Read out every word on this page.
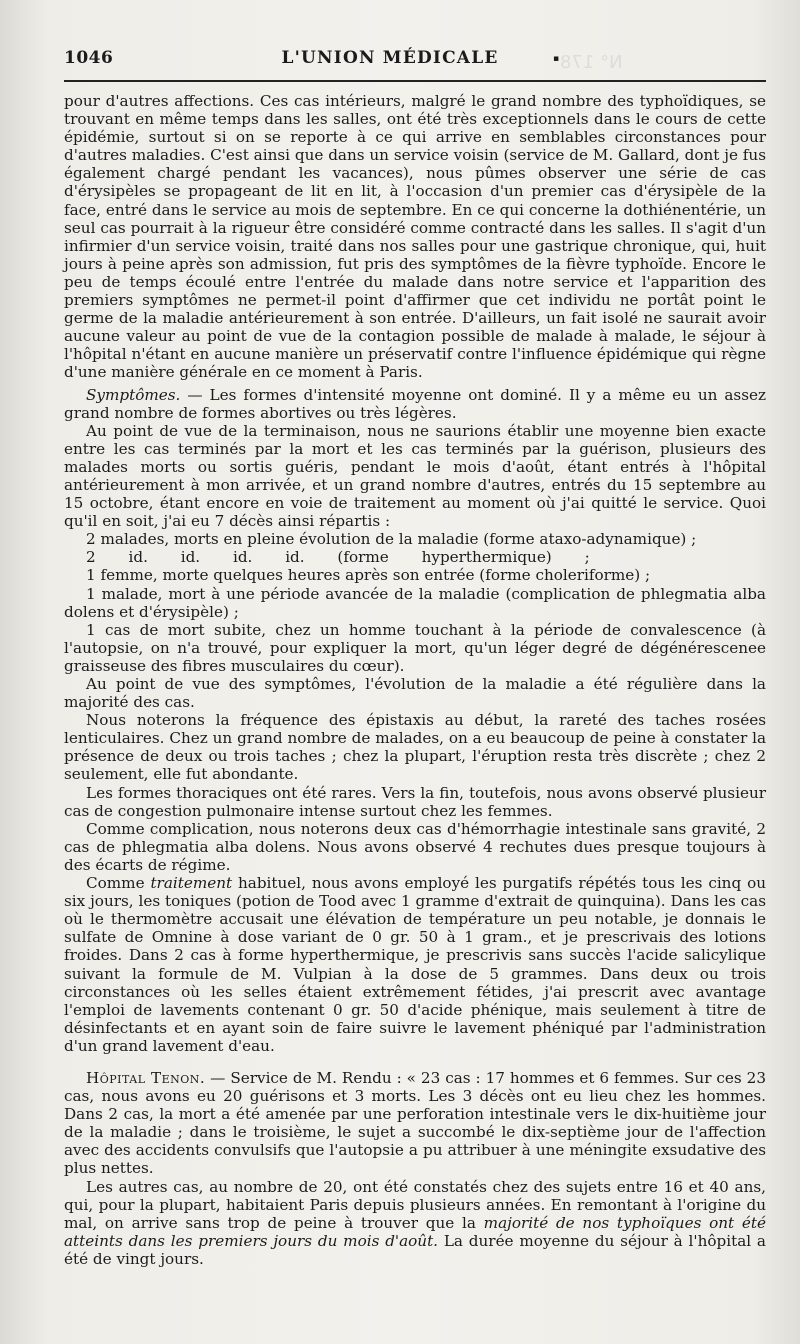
N° 178
1046	L'UNION MÉDICALE	▪

pour d'autres affections. Ces cas intérieurs, malgré le grand nombre des typhoïdiques, se trouvant en même temps dans les salles, ont été très exceptionnels dans le cours de cette épidémie, surtout si on se reporte à ce qui arrive en semblables circonstances pour d'autres maladies. C'est ainsi que dans un service voisin (service de M. Gallard, dont je fus également chargé pendant les vacances), nous pûmes observer une série de cas d'érysipèles se propageant de lit en lit, à l'occasion d'un premier cas d'érysipèle de la face, entré dans le service au mois de septembre. En ce qui concerne la dothiénentérie, un seul cas pourrait à la rigueur être considéré comme contracté dans les salles. Il s'agit d'un infirmier d'un service voisin, traité dans nos salles pour une gastrique chronique, qui, huit jours à peine après son admission, fut pris des symptômes de la fièvre typhoïde. Encore le peu de temps écoulé entre l'entrée du malade dans notre service et l'apparition des premiers symptômes ne permet-il point d'affirmer que cet individu ne portât point le germe de la maladie antérieurement à son entrée. D'ailleurs, un fait isolé ne saurait avoir aucune valeur au point de vue de la contagion possible de malade à malade, le séjour à l'hôpital n'étant en aucune manière un préservatif contre l'influence épidémique qui règne d'une manière générale en ce moment à Paris.

Symptômes. — Les formes d'intensité moyenne ont dominé. Il y a même eu un assez grand nombre de formes abortives ou très légères.

Au point de vue de la terminaison, nous ne saurions établir une moyenne bien exacte entre les cas terminés par la mort et les cas terminés par la guérison, plusieurs des malades morts ou sortis guéris, pendant le mois d'août, étant entrés à l'hôpital antérieurement à mon arrivée, et un grand nombre d'autres, entrés du 15 septembre au 15 octobre, étant encore en voie de traitement au moment où j'ai quitté le service. Quoi qu'il en soit, j'ai eu 7 décès ainsi répartis :

2 malades, morts en pleine évolution de la maladie (forme ataxo-adynamique) ;

2 id. id. id. id. (forme hyperthermique) ;

1 femme, morte quelques heures après son entrée (forme choleriforme) ;

1 malade, mort à une période avancée de la maladie (complication de phlegmatia alba dolens et d'érysipèle) ;

1 cas de mort subite, chez un homme touchant à la période de convalescence (à l'autopsie, on n'a trouvé, pour expliquer la mort, qu'un léger degré de dégénérescenee graisseuse des fibres musculaires du cœur).

Au point de vue des symptômes, l'évolution de la maladie a été régulière dans la majorité des cas.

Nous noterons la fréquence des épistaxis au début, la rareté des taches rosées lenticulaires. Chez un grand nombre de malades, on a eu beaucoup de peine à constater la présence de deux ou trois taches ; chez la plupart, l'éruption resta très discrète ; chez 2 seulement, elle fut abondante.

Les formes thoraciques ont été rares. Vers la fin, toutefois, nous avons observé plusieur cas de congestion pulmonaire intense surtout chez les femmes.

Comme complication, nous noterons deux cas d'hémorrhagie intestinale sans gravité, 2 cas de phlegmatia alba dolens. Nous avons observé 4 rechutes dues presque toujours à des écarts de régime.

Comme traitement habituel, nous avons employé les purgatifs répétés tous les cinq ou six jours, les toniques (potion de Tood avec 1 gramme d'extrait de quinquina). Dans les cas où le thermomètre accusait une élévation de température un peu notable, je donnais le sulfate de Omnine à dose variant de 0 gr. 50 à 1 gram., et je prescrivais des lotions froides. Dans 2 cas à forme hyperthermique, je prescrivis sans succès l'acide salicylique suivant la formule de M. Vulpian à la dose de 5 grammes. Dans deux ou trois circonstances où les selles étaient extrêmement fétides, j'ai prescrit avec avantage l'emploi de lavements contenant 0 gr. 50 d'acide phénique, mais seulement à titre de désinfectants et en ayant soin de faire suivre le lavement phéniqué par l'administration d'un grand lavement d'eau.

Hôpital Tenon. — Service de M. Rendu : « 23 cas : 17 hommes et 6 femmes. Sur ces 23 cas, nous avons eu 20 guérisons et 3 morts. Les 3 décès ont eu lieu chez les hommes. Dans 2 cas, la mort a été amenée par une perforation intestinale vers le dix-huitième jour de la maladie ; dans le troisième, le sujet a succombé le dix-septième jour de l'affection avec des accidents convulsifs que l'autopsie a pu attribuer à une méningite exsudative des plus nettes.

Les autres cas, au nombre de 20, ont été constatés chez des sujets entre 16 et 40 ans, qui, pour la plupart, habitaient Paris depuis plusieurs années. En remontant à l'origine du mal, on arrive sans trop de peine à trouver que la majorité de nos typhoïques ont été atteints dans les premiers jours du mois d'août. La durée moyenne du séjour à l'hôpital a été de vingt jours.
